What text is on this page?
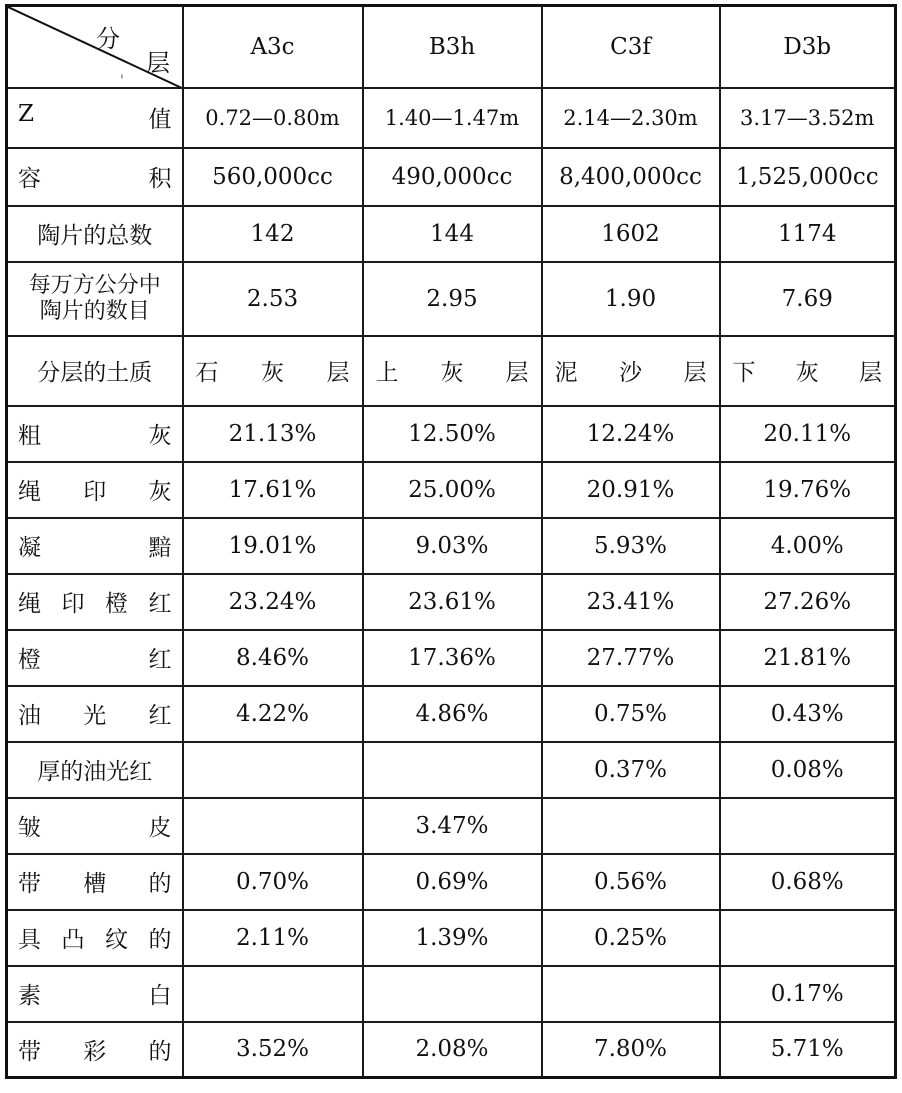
分
层
'	A3c	B3h	C3f	D3b

Z 值	0.72—0.80m	1.40—1.47m	2.14—2.30m	3.17—3.52m

容 积	560,000cc	490,000cc	8,400,000cc	1,525,000cc
陶片的总数	142	144	1602	1174

每万方公分中
陶片的数目	2.53	2.95	1.90	7.69
分层的土质	石 灰 层	上 灰 层	泥 沙 层	下 灰 层

粗 灰	21.13%	12.50%	12.24%	20.11%

绳 印 灰	17.61%	25.00%	20.91%	19.76%

凝 黯	19.01%	9.03%	5.93%	4.00%

绳 印 橙 红	23.24%	23.61%	23.41%	27.26%

橙 红	8.46%	17.36%	27.77%	21.81%

油 光 红	4.22%	4.86%	0.75%	0.43%
厚的油光红			0.37%	0.08%

皱 皮		3.47%		

带 槽 的	0.70%	0.69%	0.56%	0.68%

具 凸 纹 的	2.11%	1.39%	0.25%	

素 白				0.17%

带 彩 的	3.52%	2.08%	7.80%	5.71%
